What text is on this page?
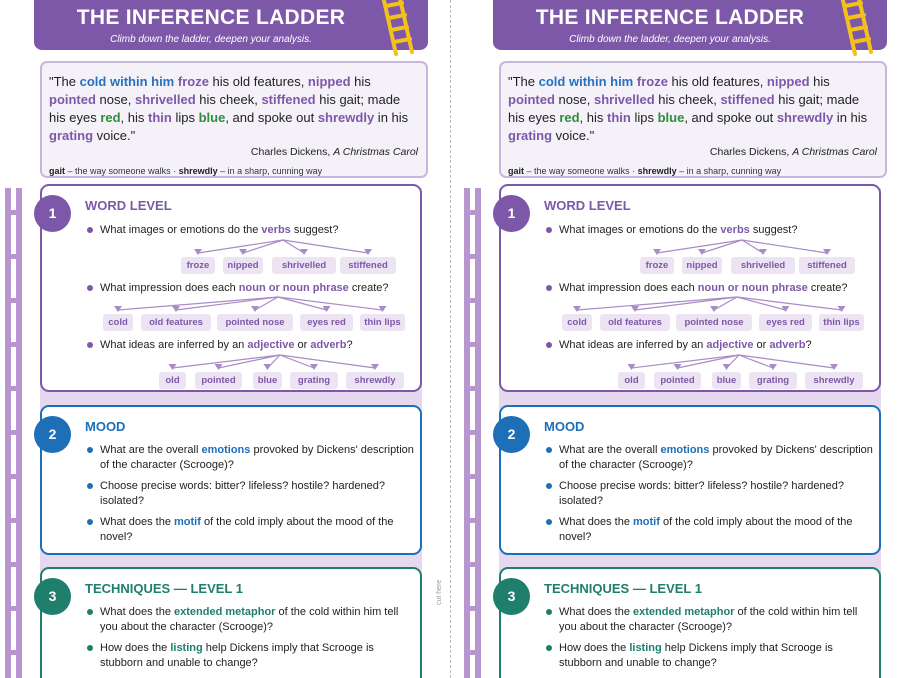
cut here
THE INFERENCE LADDER
Climb down the ladder, deepen your analysis.
"The cold within him froze his old features, nipped his pointed nose, shrivelled his cheek, stiffened his gait; made his eyes red, his thin lips blue, and spoke out shrewdly in his grating voice."
Charles Dickens, A Christmas Carol
gait – the way someone walks · shrewdly – in a sharp, cunning way
1	WORD LEVEL
What images or emotions do the verbs suggest?
What impression does each noun or noun phrase create?
What ideas are inferred by an adjective or adverb?
froze	nipped	shrivelled	stiffened
cold	old features	pointed nose	eyes red	thin lips
old	pointed	blue	grating	shrewdly
2	MOOD
What are the overall emotions provoked by Dickens' description of the character (Scrooge)?
Choose precise words: bitter? lifeless? hostile? hardened? isolated?
What does the motif of the cold imply about the mood of the novel?
3	TECHNIQUES — LEVEL 1
What does the extended metaphor of the cold within him tell you about the character (Scrooge)?
How does the listing help Dickens imply that Scrooge is stubborn and unable to change?
THE INFERENCE LADDER
Climb down the ladder, deepen your analysis.
"The cold within him froze his old features, nipped his pointed nose, shrivelled his cheek, stiffened his gait; made his eyes red, his thin lips blue, and spoke out shrewdly in his grating voice."
Charles Dickens, A Christmas Carol
gait – the way someone walks · shrewdly – in a sharp, cunning way
1	WORD LEVEL
What images or emotions do the verbs suggest?
What impression does each noun or noun phrase create?
What ideas are inferred by an adjective or adverb?
froze	nipped	shrivelled	stiffened
cold	old features	pointed nose	eyes red	thin lips
old	pointed	blue	grating	shrewdly
2	MOOD
What are the overall emotions provoked by Dickens' description of the character (Scrooge)?
Choose precise words: bitter? lifeless? hostile? hardened? isolated?
What does the motif of the cold imply about the mood of the novel?
3	TECHNIQUES — LEVEL 1
What does the extended metaphor of the cold within him tell you about the character (Scrooge)?
How does the listing help Dickens imply that Scrooge is stubborn and unable to change?
